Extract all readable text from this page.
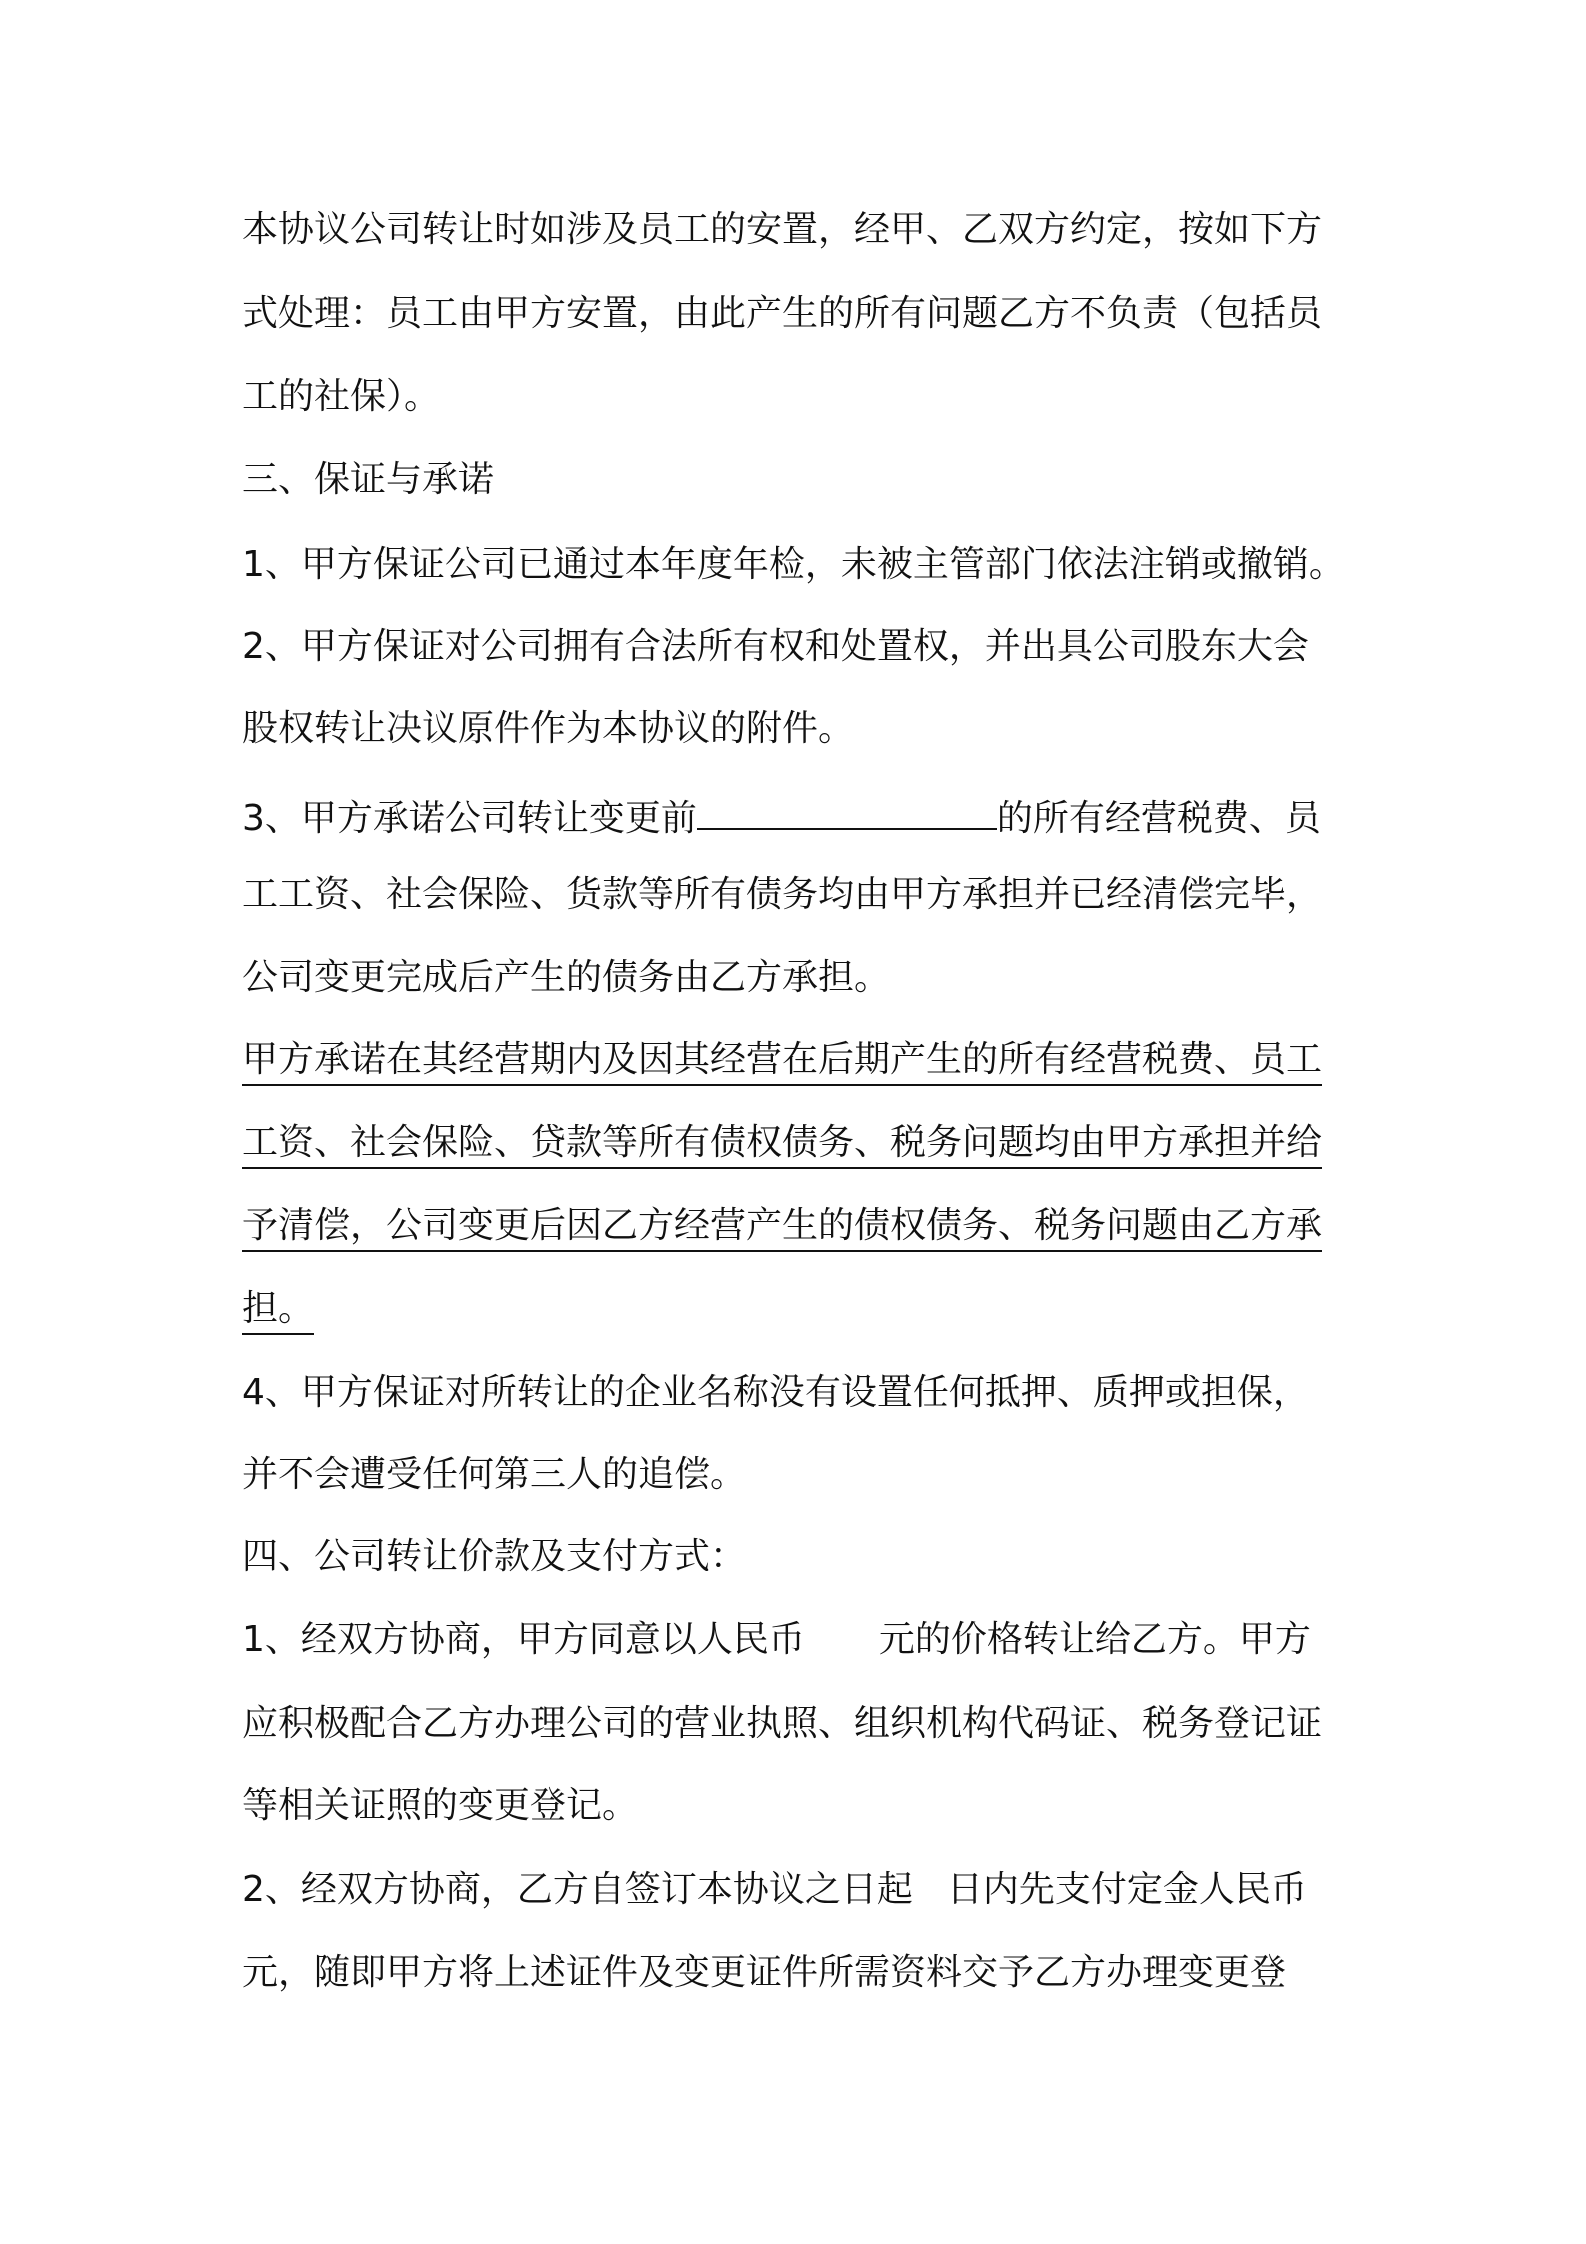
本协议公司转让时如涉及员工的安置，经甲、乙双方约定，按如下方
式处理：员工由甲方安置，由此产生的所有问题乙方不负责（包括员
工的社保）。
三、保证与承诺
1、甲方保证公司已通过本年度年检，未被主管部门依法注销或撤销。
2、甲方保证对公司拥有合法所有权和处置权，并出具公司股东大会
股权转让决议原件作为本协议的附件。
3、甲方承诺公司转让变更前	的所有经营税费、员
工工资、社会保险、货款等所有债务均由甲方承担并已经清偿完毕，
公司变更完成后产生的债务由乙方承担。
甲方承诺在其经营期内及因其经营在后期产生的所有经营税费、员工
工资、社会保险、贷款等所有债权债务、税务问题均由甲方承担并给
予清偿，公司变更后因乙方经营产生的债权债务、税务问题由乙方承
担。
4、甲方保证对所转让的企业名称没有设置任何抵押、质押或担保，
并不会遭受任何第三人的追偿。
四、公司转让价款及支付方式：
1、经双方协商，甲方同意以人民币 元的价格转让给乙方。甲方
应积极配合乙方办理公司的营业执照、组织机构代码证、税务登记证
等相关证照的变更登记。
2、经双方协商，乙方自签订本协议之日起 日内先支付定金人民币
元，随即甲方将上述证件及变更证件所需资料交予乙方办理变更登
